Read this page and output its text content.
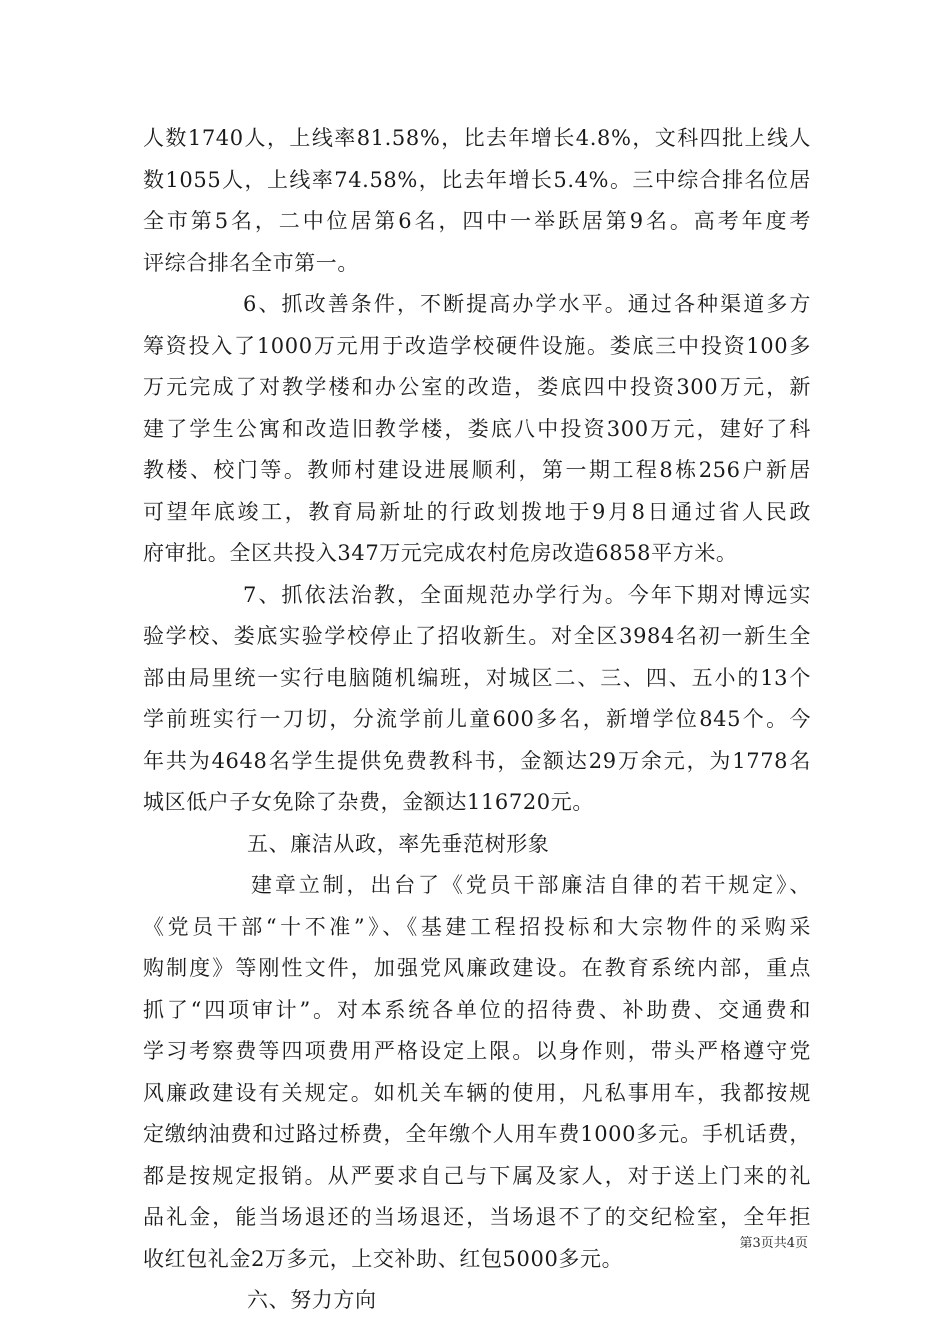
人数1740人，上线率81.58%，比去年增长4.8%，文科四批上线人
数1055人，上线率74.58%，比去年增长5.4%。三中综合排名位居
全市第5名，二中位居第6名，四中一举跃居第9名。高考年度考
评综合排名全市第一。
6、抓改善条件，不断提高办学水平。通过各种渠道多方
筹资投入了1000万元用于改造学校硬件设施。娄底三中投资100多
万元完成了对教学楼和办公室的改造，娄底四中投资300万元，新
建了学生公寓和改造旧教学楼，娄底八中投资300万元，建好了科
教楼、校门等。教师村建设进展顺利，第一期工程8栋256户新居
可望年底竣工，教育局新址的行政划拨地于9月8日通过省人民政
府审批。全区共投入347万元完成农村危房改造6858平方米。
7、抓依法治教，全面规范办学行为。今年下期对博远实
验学校、娄底实验学校停止了招收新生。对全区3984名初一新生全
部由局里统一实行电脑随机编班，对城区二、三、四、五小的13个
学前班实行一刀切，分流学前儿童600多名，新增学位845个。今
年共为4648名学生提供免费教科书，金额达29万余元，为1778名
城区低户子女免除了杂费，金额达116720元。
五、廉洁从政，率先垂范树形象
建章立制，出台了《党员干部廉洁自律的若干规定》、
《党员干部“十不准”》、《基建工程招投标和大宗物件的采购采
购制度》等刚性文件，加强党风廉政建设。在教育系统内部，重点
抓了“四项审计”。对本系统各单位的招待费、补助费、交通费和
学习考察费等四项费用严格设定上限。以身作则，带头严格遵守党
风廉政建设有关规定。如机关车辆的使用，凡私事用车，我都按规
定缴纳油费和过路过桥费，全年缴个人用车费1000多元。手机话费，
都是按规定报销。从严要求自己与下属及家人，对于送上门来的礼
品礼金，能当场退还的当场退还，当场退不了的交纪检室，全年拒
收红包礼金2万多元，上交补助、红包5000多元。
六、努力方向
第3页共4页
